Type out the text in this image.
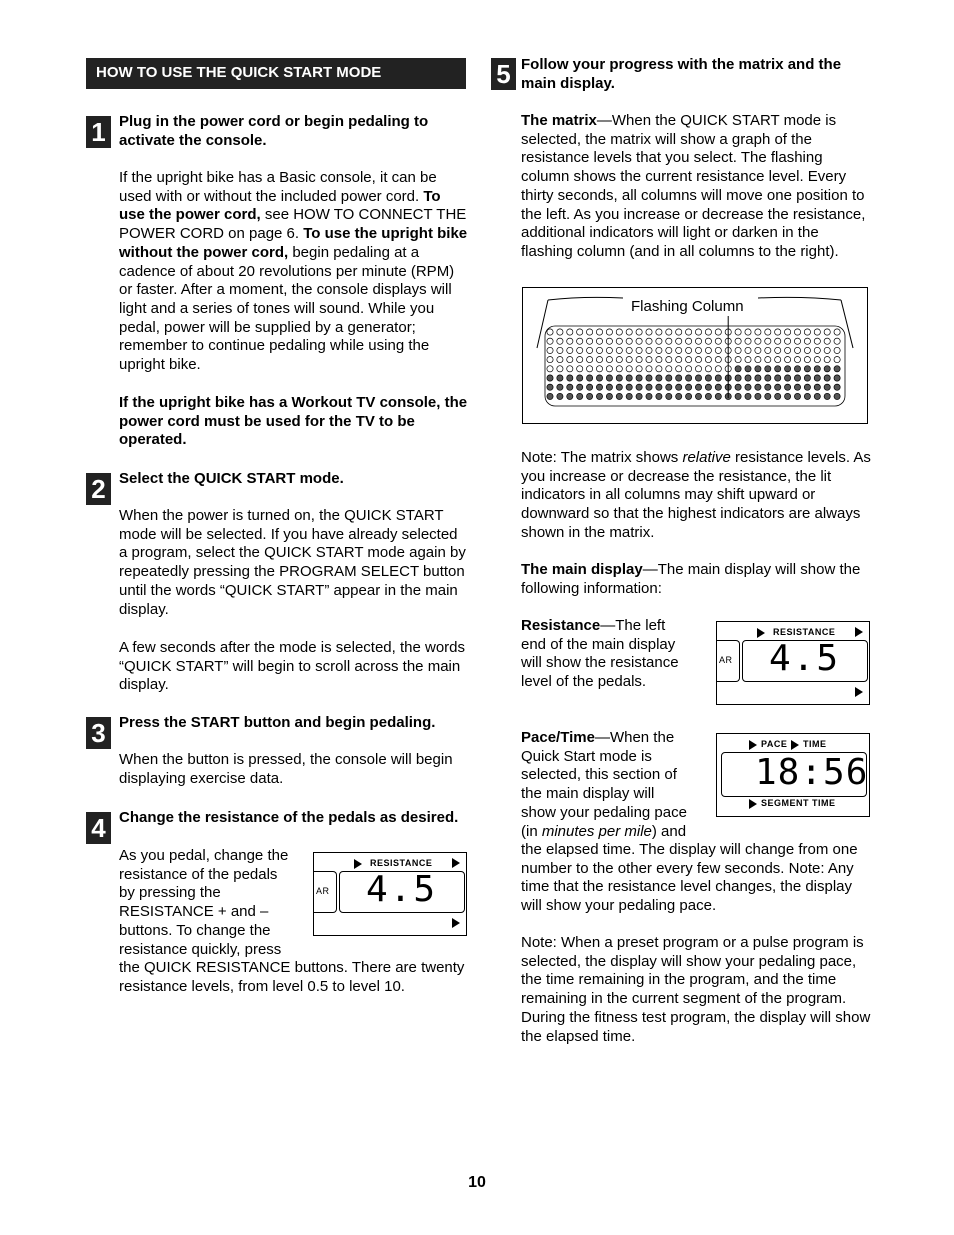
HOW TO USE THE QUICK START MODE
1 Plug in the power cord or begin pedaling to activate the console.

If the upright bike has a Basic console, it can be used with or without the included power cord. To use the power cord, see HOW TO CONNECT THE POWER CORD on page 6. To use the upright bike without the power cord, begin pedaling at a cadence of about 20 revolutions per minute (RPM) or faster. After a moment, the console displays will light and a series of tones will sound. While you pedal, power will be supplied by a generator; remember to continue pedaling while using the upright bike.

If the upright bike has a Workout TV console, the power cord must be used for the TV to be operated.

2 Select the QUICK START mode.

When the power is turned on, the QUICK START mode will be selected. If you have already selected a program, select the QUICK START mode again by repeatedly pressing the PROGRAM SELECT button until the words “QUICK START” appear in the main display.

A few seconds after the mode is selected, the words “QUICK START” will begin to scroll across the main display.

3 Press the START button and begin pedaling.

When the button is pressed, the console will begin displaying exercise data.

4 Change the resistance of the pedals as desired.

As you pedal, change the resistance of the pedals by pressing the RESISTANCE + and – buttons. To change the resistance quickly, press

the QUICK RESISTANCE buttons. There are twenty resistance levels, from level 0.5 to level 10.

RESISTANCE
AR 4.5
5 Follow your progress with the matrix and the main display.

The matrix—When the QUICK START mode is selected, the matrix will show a graph of the resistance levels that you select. The flashing column shows the current resistance level. Every thirty seconds, all columns will move one position to the left. As you increase or decrease the resistance, additional indicators will light or darken in the flashing column (and in all columns to the right).

Flashing Column

Note: The matrix shows relative resistance levels. As you increase or decrease the resistance, the lit indicators in all columns may shift upward or downward so that the highest indicators are always shown in the matrix.

The main display—The main display will show the following information:

Resistance—The left end of the main display will show the resistance level of the pedals.

RESISTANCE
AR 4.5

Pace/Time—When the Quick Start mode is selected, this section of the main display will show your pedaling pace (in minutes per mile) and

PACE TIME
18:56
SEGMENT TIME

the elapsed time. The display will change from one number to the other every few seconds. Note: Any time that the resistance level changes, the display will show your pedaling pace.

Note: When a preset program or a pulse program is selected, the display will show your pedaling pace, the time remaining in the program, and the time remaining in the current segment of the program. During the fitness test program, the display will show the elapsed time.

10
